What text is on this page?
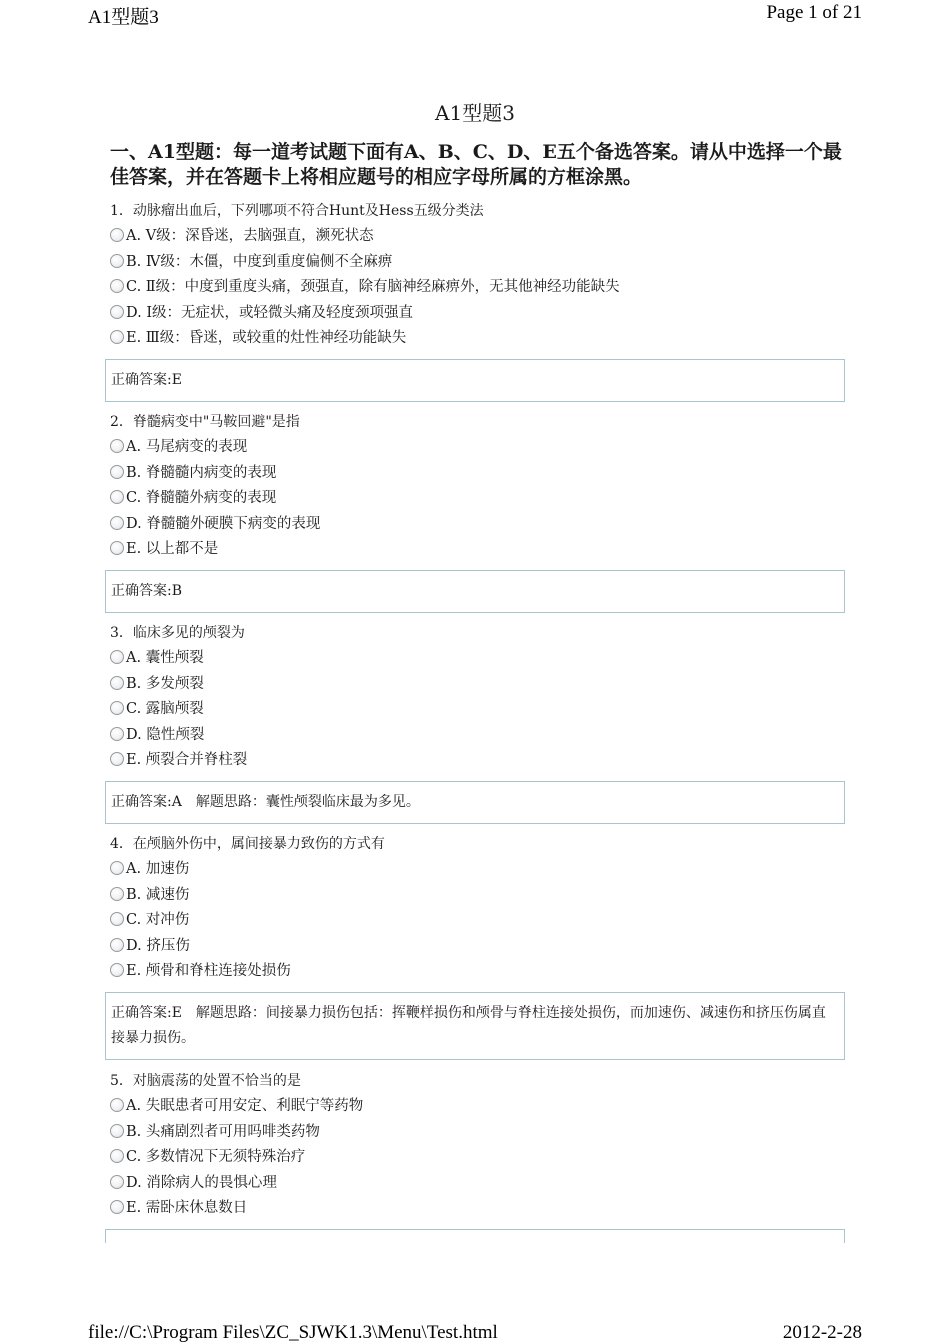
A1型题3	Page 1 of 21
A1型题3
一、A1型题：每一道考试题下面有A、B、C、D、E五个备选答案。请从中选择一个最佳答案，并在答题卡上将相应题号的相应字母所属的方框涂黑。
1．动脉瘤出血后，下列哪项不符合Hunt及Hess五级分类法
A. Ⅴ级：深昏迷，去脑强直，濒死状态
B. Ⅳ级：木僵，中度到重度偏侧不全麻痹
C. Ⅱ级：中度到重度头痛，颈强直，除有脑神经麻痹外，无其他神经功能缺失
D. Ⅰ级：无症状，或轻微头痛及轻度颈项强直
E. Ⅲ级：昏迷，或较重的灶性神经功能缺失
正确答案:E
2．脊髓病变中"马鞍回避"是指
A. 马尾病变的表现
B. 脊髓髓内病变的表现
C. 脊髓髓外病变的表现
D. 脊髓髓外硬膜下病变的表现
E. 以上都不是
正确答案:B
3．临床多见的颅裂为
A. 囊性颅裂
B. 多发颅裂
C. 露脑颅裂
D. 隐性颅裂
E. 颅裂合并脊柱裂
正确答案:A　解题思路：囊性颅裂临床最为多见。
4．在颅脑外伤中，属间接暴力致伤的方式有
A. 加速伤
B. 减速伤
C. 对冲伤
D. 挤压伤
E. 颅骨和脊柱连接处损伤
正确答案:E　解题思路：间接暴力损伤包括：挥鞭样损伤和颅骨与脊柱连接处损伤，而加速伤、减速伤和挤压伤属直接暴力损伤。
5．对脑震荡的处置不恰当的是
A. 失眠患者可用安定、利眠宁等药物
B. 头痛剧烈者可用吗啡类药物
C. 多数情况下无须特殊治疗
D. 消除病人的畏惧心理
E. 需卧床休息数日
file://C:\Program Files\ZC_SJWK1.3\Menu\Test.html	2012-2-28
